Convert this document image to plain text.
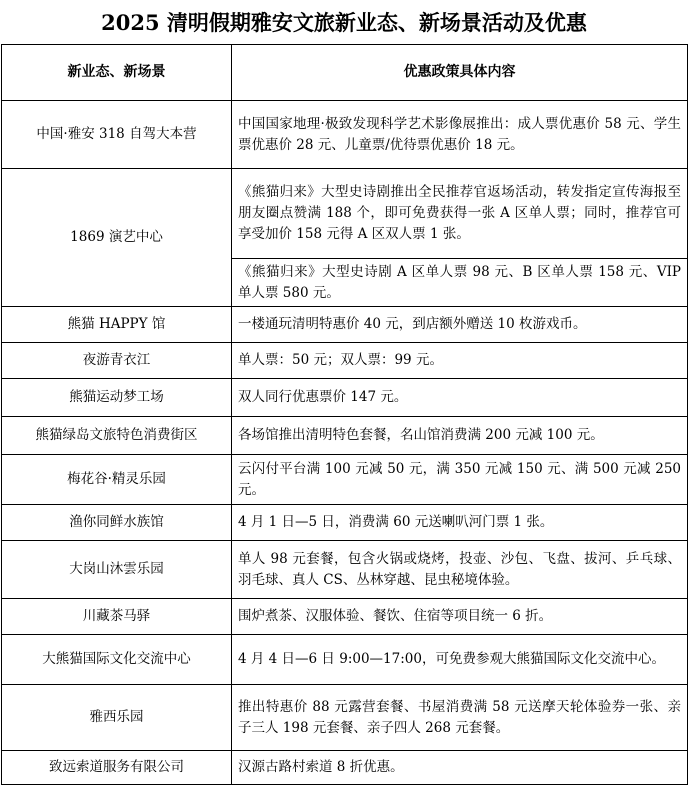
2025 清明假期雅安文旅新业态、新场景活动及优惠
新业态、新场景	优惠政策具体内容
中国·雅安 318 自驾大本营	中国国家地理·极致发现科学艺术影像展推出：成人票优惠价 58 元、学生票优惠价 28 元、儿童票/优待票优惠价 18 元。
1869 演艺中心	《熊猫归来》大型史诗剧推出全民推荐官返场活动，转发指定宣传海报至朋友圈点赞满 188 个，即可免费获得一张 A 区单人票；同时，推荐官可享受加价 158 元得 A 区双人票 1 张。
	《熊猫归来》大型史诗剧 A 区单人票 98 元、B 区单人票 158 元、VIP 单人票 580 元。
熊猫 HAPPY 馆	一楼通玩清明特惠价 40 元，到店额外赠送 10 枚游戏币。
夜游青衣江	单人票：50 元；双人票：99 元。
熊猫运动梦工场	双人同行优惠票价 147 元。
熊猫绿岛文旅特色消费街区	各场馆推出清明特色套餐，名山馆消费满 200 元减 100 元。
梅花谷·精灵乐园	云闪付平台满 100 元减 50 元，满 350 元减 150 元、满 500 元减 250 元。
渔你同鲜水族馆	4 月 1 日—5 日，消费满 60 元送喇叭河门票 1 张。
大岗山沐雲乐园	单人 98 元套餐，包含火锅或烧烤，投壶、沙包、飞盘、拔河、乒乓球、羽毛球、真人 CS、丛林穿越、昆虫秘境体验。
川藏茶马驿	围炉煮茶、汉服体验、餐饮、住宿等项目统一 6 折。
大熊猫国际文化交流中心	4 月 4 日—6 日 9:00—17:00，可免费参观大熊猫国际文化交流中心。
雅西乐园	推出特惠价 88 元露营套餐、书屋消费满 58 元送摩天轮体验券一张、亲子三人 198 元套餐、亲子四人 268 元套餐。
致远索道服务有限公司	汉源古路村索道 8 折优惠。
